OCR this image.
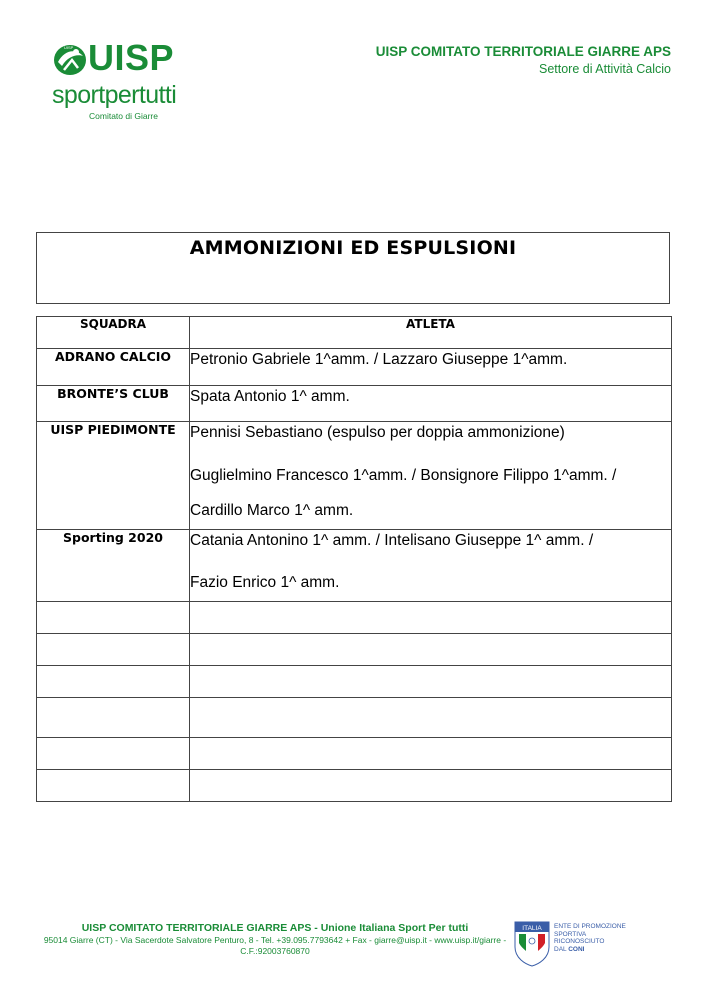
UISP UISP
sportpertutti
Comitato di Giarre
UISP COMITATO TERRITORIALE GIARRE APS
Settore di Attività Calcio
AMMONIZIONI ED ESPULSIONI
SQUADRA	ATLETA
ADRANO CALCIO	Petronio Gabriele 1^amm. / Lazzaro Giuseppe 1^amm.

BRONTE’S CLUB	Spata Antonio 1^ amm.

UISP PIEDIMONTE	Pennisi Sebastiano (espulso per doppia ammonizione)
Guglielmino Francesco 1^amm. / Bonsignore Filippo 1^amm. /
Cardillo Marco 1^ amm.

Sporting 2020	Catania Antonino 1^ amm. / Intelisano Giuseppe 1^ amm. /
Fazio Enrico 1^ amm.

UISP COMITATO TERRITORIALE GIARRE APS - Unione Italiana Sport Per tutti
95014 Giarre (CT) - Via Sacerdote Salvatore Penturo, 8 - Tel. +39.095.7793642 + Fax - giarre@uisp.it - www.uisp.it/giarre -
C.F.:92003760870
ITALIA ENTE DI PROMOZIONE
SPORTIVA
RICONOSCIUTO
DAL CONI
